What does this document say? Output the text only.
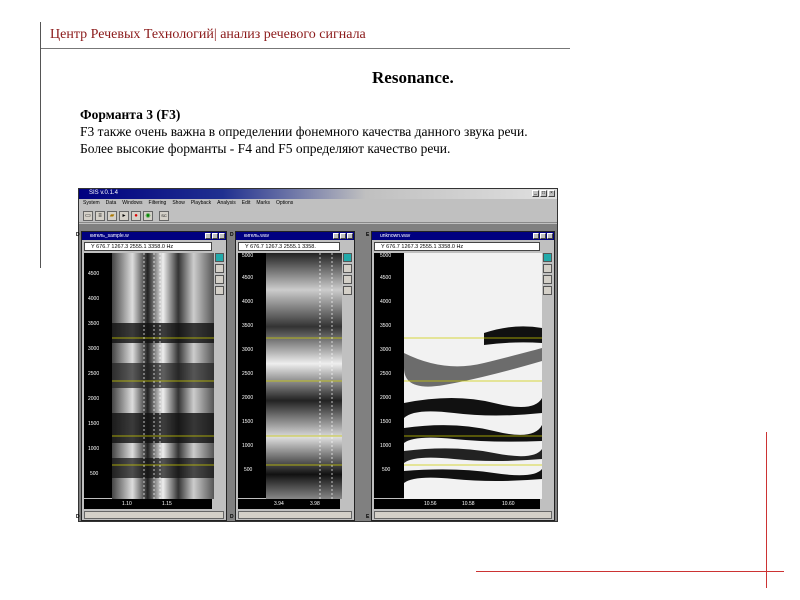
Центр Речевых Технологий| анализ речевого сигнала
Resonance.
Форманта 3 (F3)
F3 также очень важна в определении фонемного качества данного звука речи.
Более высокие форманты - F4 and F5 определяют качество речи.
SIS v.0.1.4	_	□	×
System Data Windows Filtering Show Playback Analysis Edit Marks Options
▭	≡	▰	▸	●	◉	SC
кигель_sample.w
Y 676.7 1267.3 2555.1 3358.0 Hz
4500
4000
3500
3000
2500
2000
1500
1000
500
1.10	1.15
D
D
кигель.wav
Y 676.7 1267.3 2555.1 3358.
5000
4500
4000
3500
3000
2500
2000
1500
1000
500
3.94	3.98
D
D
unknown.wav
Y 676.7 1267.3 2555.1 3358.0 Hz
5000
4500
4000
3500
3000
2500
2000
1500
1000
500
10.56	10.58	10.60
E
E
